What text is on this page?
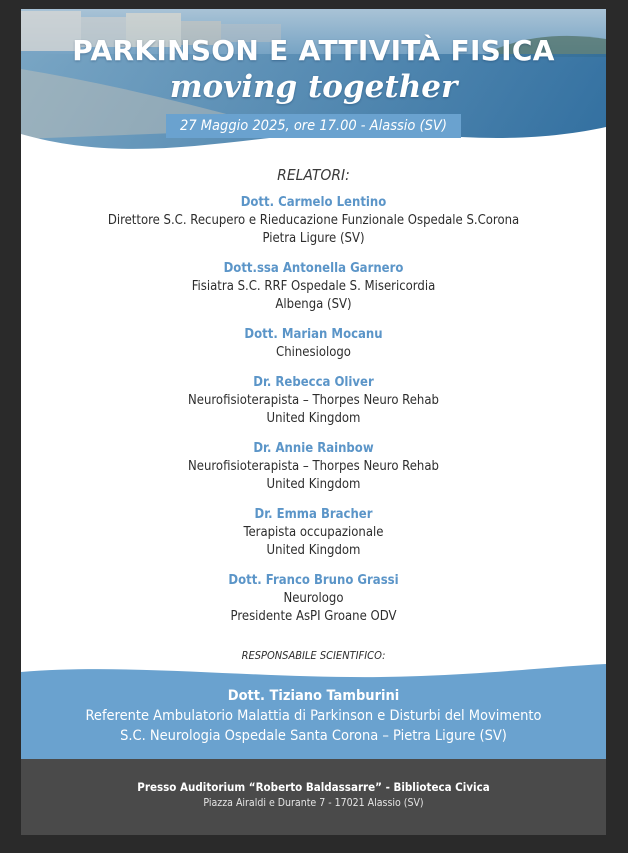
PARKINSON E ATTIVITÀ FISICA
moving together
27 Maggio 2025, ore 17.00 - Alassio (SV)
RELATORI:
Dott. Carmelo Lentino
Direttore S.C. Recupero e Rieducazione Funzionale Ospedale S.Corona
Pietra Ligure (SV)
Dott.ssa Antonella Garnero
Fisiatra S.C. RRF Ospedale S. Misericordia
Albenga (SV)
Dott. Marian Mocanu
Chinesiologo
Dr. Rebecca Oliver
Neurofisioterapista – Thorpes Neuro Rehab
United Kingdom
Dr. Annie Rainbow
Neurofisioterapista – Thorpes Neuro Rehab
United Kingdom
Dr. Emma Bracher
Terapista occupazionale
United Kingdom
Dott. Franco Bruno Grassi
Neurologo
Presidente AsPI Groane ODV
RESPONSABILE SCIENTIFICO:
Dott. Tiziano Tamburini
Referente Ambulatorio Malattia di Parkinson e Disturbi del Movimento
S.C. Neurologia Ospedale Santa Corona – Pietra Ligure (SV)
Presso Auditorium “Roberto Baldassarre” - Biblioteca Civica
Piazza Airaldi e Durante 7 - 17021 Alassio (SV)
